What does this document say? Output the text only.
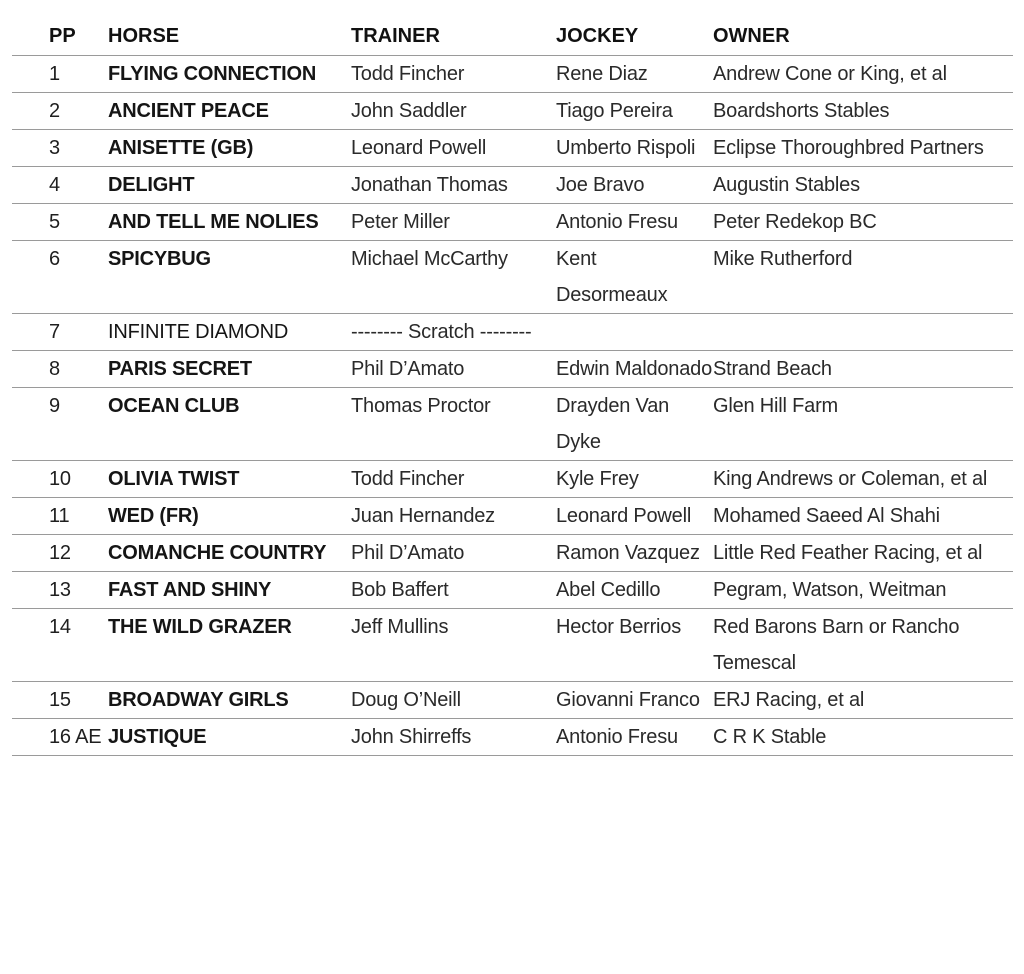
PP	HORSE	TRAINER	JOCKEY	OWNER
1	FLYING CONNECTION	Todd Fincher	Rene Diaz	Andrew Cone or King, et al
2	ANCIENT PEACE	John Saddler	Tiago Pereira	Boardshorts Stables
3	ANISETTE (GB)	Leonard Powell	Umberto Rispoli	Eclipse Thoroughbred Partners
4	DELIGHT	Jonathan Thomas	Joe Bravo	Augustin Stables
5	AND TELL ME NOLIES	Peter Miller	Antonio Fresu	Peter Redekop BC
6	SPICYBUG	Michael McCarthy	Kent Desormeaux	Mike Rutherford
7	INFINITE DIAMOND	-------- Scratch --------		
8	PARIS SECRET	Phil D’Amato	Edwin Maldonado	Strand Beach
9	OCEAN CLUB	Thomas Proctor	Drayden Van Dyke	Glen Hill Farm
10	OLIVIA TWIST	Todd Fincher	Kyle Frey	King Andrews or Coleman, et al
11	WED (FR)	Juan Hernandez	Leonard Powell	Mohamed Saeed Al Shahi
12	COMANCHE COUNTRY	Phil D’Amato	Ramon Vazquez	Little Red Feather Racing, et al
13	FAST AND SHINY	Bob Baffert	Abel Cedillo	Pegram, Watson, Weitman
14	THE WILD GRAZER	Jeff Mullins	Hector Berrios	Red Barons Barn or Rancho Temescal
15	BROADWAY GIRLS	Doug O’Neill	Giovanni Franco	ERJ Racing, et al
16 AE	JUSTIQUE	John Shirreffs	Antonio Fresu	C R K Stable
